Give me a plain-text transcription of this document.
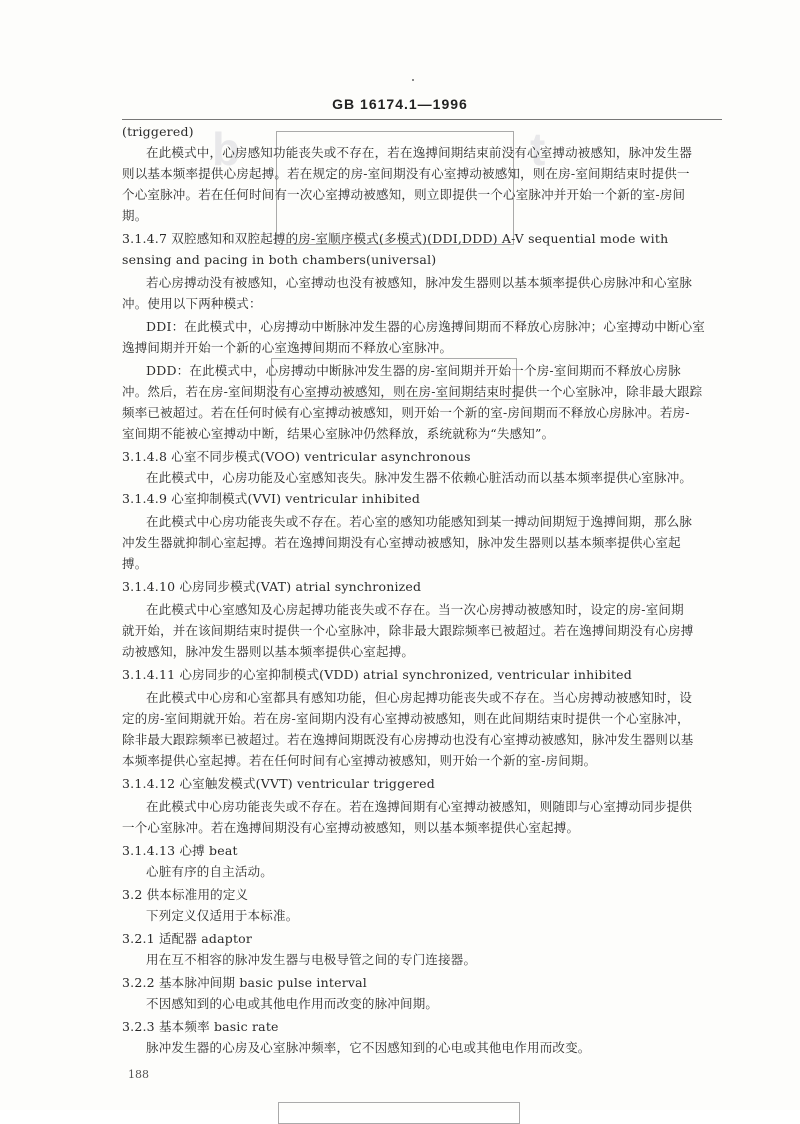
b	t
GB 16174.1—1996
(triggered)
在此模式中，心房感知功能丧失或不存在，若在逸搏间期结束前没有心室搏动被感知，脉冲发生器
则以基本频率提供心房起搏。若在规定的房-室间期没有心室搏动被感知，则在房-室间期结束时提供一
个心室脉冲。若在任何时间有一次心室搏动被感知，则立即提供一个心室脉冲并开始一个新的室-房间
期。
3.1.4.7 双腔感知和双腔起搏的房-室顺序模式(多模式)(DDI,DDD) A-V sequential mode with
sensing and pacing in both chambers(universal)
若心房搏动没有被感知，心室搏动也没有被感知，脉冲发生器则以基本频率提供心房脉冲和心室脉
冲。使用以下两种模式：
DDI：在此模式中，心房搏动中断脉冲发生器的心房逸搏间期而不释放心房脉冲；心室搏动中断心室
逸搏间期并开始一个新的心室逸搏间期而不释放心室脉冲。
DDD：在此模式中，心房搏动中断脉冲发生器的房-室间期并开始一个房-室间期而不释放心房脉
冲。然后，若在房-室间期没有心室搏动被感知，则在房-室间期结束时提供一个心室脉冲，除非最大跟踪
频率已被超过。若在任何时候有心室搏动被感知，则开始一个新的室-房间期而不释放心房脉冲。若房-
室间期不能被心室搏动中断，结果心室脉冲仍然释放，系统就称为“失感知”。
3.1.4.8 心室不同步模式(VOO) ventricular asynchronous
在此模式中，心房功能及心室感知丧失。脉冲发生器不依赖心脏活动而以基本频率提供心室脉冲。
3.1.4.9 心室抑制模式(VVI) ventricular inhibited
在此模式中心房功能丧失或不存在。若心室的感知功能感知到某一搏动间期短于逸搏间期，那么脉
冲发生器就抑制心室起搏。若在逸搏间期没有心室搏动被感知，脉冲发生器则以基本频率提供心室起
搏。
3.1.4.10 心房同步模式(VAT) atrial synchronized
在此模式中心室感知及心房起搏功能丧失或不存在。当一次心房搏动被感知时，设定的房-室间期
就开始，并在该间期结束时提供一个心室脉冲，除非最大跟踪频率已被超过。若在逸搏间期没有心房搏
动被感知，脉冲发生器则以基本频率提供心室起搏。
3.1.4.11 心房同步的心室抑制模式(VDD) atrial synchronized, ventricular inhibited
在此模式中心房和心室都具有感知功能，但心房起搏功能丧失或不存在。当心房搏动被感知时，设
定的房-室间期就开始。若在房-室间期内没有心室搏动被感知，则在此间期结束时提供一个心室脉冲，
除非最大跟踪频率已被超过。若在逸搏间期既没有心房搏动也没有心室搏动被感知，脉冲发生器则以基
本频率提供心室起搏。若在任何时间有心室搏动被感知，则开始一个新的室-房间期。
3.1.4.12 心室触发模式(VVT) ventricular triggered
在此模式中心房功能丧失或不存在。若在逸搏间期有心室搏动被感知，则随即与心室搏动同步提供
一个心室脉冲。若在逸搏间期没有心室搏动被感知，则以基本频率提供心室起搏。
3.1.4.13 心搏 beat
心脏有序的自主活动。
3.2 供本标准用的定义
下列定义仅适用于本标准。
3.2.1 适配器 adaptor
用在互不相容的脉冲发生器与电极导管之间的专门连接器。
3.2.2 基本脉冲间期 basic pulse interval
不因感知到的心电或其他电作用而改变的脉冲间期。
3.2.3 基本频率 basic rate
脉冲发生器的心房及心室脉冲频率，它不因感知到的心电或其他电作用而改变。
188
